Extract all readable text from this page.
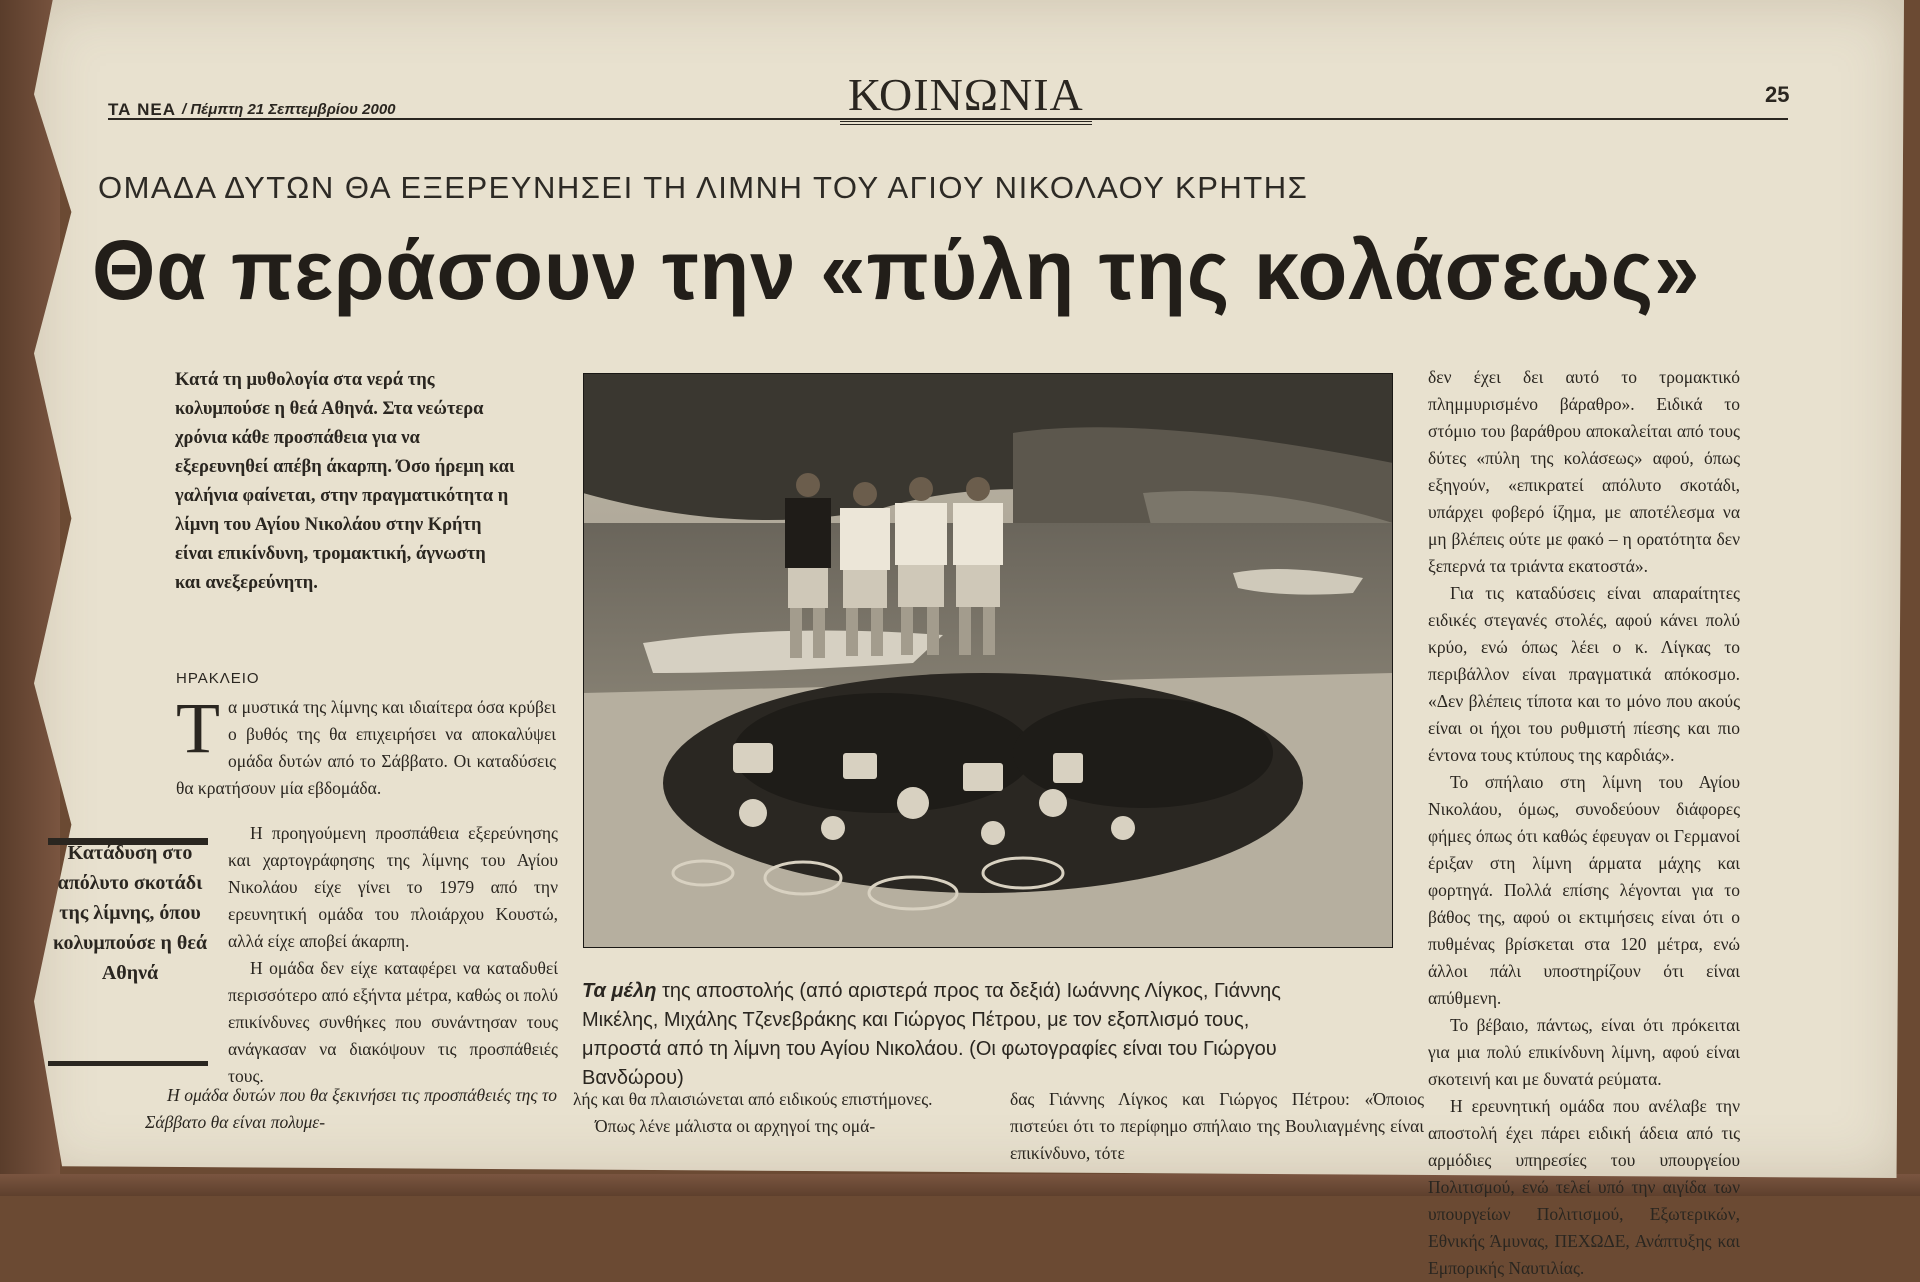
ΤΑ ΝΕΑ / Πέμπτη 21 Σεπτεμβρίου 2000	ΚΟΙΝΩΝΙΑ	25
ΟΜΑΔΑ ΔΥΤΩΝ ΘΑ ΕΞΕΡΕΥΝΗΣΕΙ ΤΗ ΛΙΜΝΗ ΤΟΥ ΑΓΙΟΥ ΝΙΚΟΛΑΟΥ ΚΡΗΤΗΣ
Θα περάσουν την «πύλη της κολάσεως»

Κατά τη μυθολογία στα νερά της κολυμπούσε η θεά Αθηνά. Στα νεώτερα χρόνια κάθε προσπάθεια για να εξερευνηθεί απέβη άκαρπη. Όσο ήρεμη και γαλήνια φαίνεται, στην πραγματικότητα η λίμνη του Αγίου Νικολάου στην Κρήτη είναι επικίνδυνη, τρομακτική, άγνωστη και ανεξερεύνητη.

ΗΡΑΚΛΕΙΟ

Τ α μυστικά της λίμνης και ιδιαίτερα όσα κρύβει ο βυθός της θα επιχειρήσει να αποκαλύψει ομάδα δυτών από το Σάββατο. Οι καταδύσεις θα κρατήσουν μία εβδομάδα.

Η προηγούμενη προσπάθεια εξερεύνησης και χαρτογράφησης της λίμνης του Αγίου Νικολάου είχε γίνει το 1979 από την ερευνητική ομάδα του πλοιάρχου Κουστώ, αλλά είχε αποβεί άκαρπη.

Η ομάδα δεν είχε καταφέρει να καταδυθεί περισσότερο από εξήντα μέτρα, καθώς οι πολύ επικίνδυνες συνθήκες που συνάντησαν τους ανάγκασαν να διακόψουν τις προσπάθειές τους.

Η ομάδα δυτών που θα ξεκινήσει τις προσπάθειές της το Σάββατο θα είναι πολυμε-

Κατάδυση στο απόλυτο σκοτάδι της λίμνης, όπου κολυμπούσε η θεά Αθηνά
Τα μέλη της αποστολής (από αριστερά προς τα δεξιά) Ιωάννης Λίγκος, Γιάννης Μικέλης, Μιχάλης Τζενεβράκης και Γιώργος Πέτρου, με τον εξοπλισμό τους, μπροστά από τη λίμνη του Αγίου Νικολάου. (Οι φωτογραφίες είναι του Γιώργου Βανδώρου)

λής και θα πλαισιώνεται από ειδικούς επιστήμονες.

Όπως λένε μάλιστα οι αρχηγοί της ομά-

δας Γιάννης Λίγκος και Γιώργος Πέτρου: «Όποιος πιστεύει ότι το περίφημο σπήλαιο της Βουλιαγμένης είναι επικίνδυνο, τότε

δεν έχει δει αυτό το τρομακτικό πλημμυρισμένο βάραθρο». Ειδικά το στόμιο του βαράθρου αποκαλείται από τους δύτες «πύλη της κολάσεως» αφού, όπως εξηγούν, «επικρατεί απόλυτο σκοτάδι, υπάρχει φοβερό ίζημα, με αποτέλεσμα να μη βλέπεις ούτε με φακό – η ορατότητα δεν ξεπερνά τα τριάντα εκατοστά».

Για τις καταδύσεις είναι απαραίτητες ειδικές στεγανές στολές, αφού κάνει πολύ κρύο, ενώ όπως λέει ο κ. Λίγκας το περιβάλλον είναι πραγματικά απόκοσμο. «Δεν βλέπεις τίποτα και το μόνο που ακούς είναι οι ήχοι του ρυθμιστή πίεσης και πιο έντονα τους κτύπους της καρδιάς».

Το σπήλαιο στη λίμνη του Αγίου Νικολάου, όμως, συνοδεύουν διάφορες φήμες όπως ότι καθώς έφευγαν οι Γερμανοί έριξαν στη λίμνη άρματα μάχης και φορτηγά. Πολλά επίσης λέγονται για το βάθος της, αφού οι εκτιμήσεις είναι ότι ο πυθμένας βρίσκεται στα 120 μέτρα, ενώ άλλοι πάλι υποστηρίζουν ότι είναι απύθμενη.

Το βέβαιο, πάντως, είναι ότι πρόκειται για μια πολύ επικίνδυνη λίμνη, αφού είναι σκοτεινή και με δυνατά ρεύματα.

Η ερευνητική ομάδα που ανέλαβε την αποστολή έχει πάρει ειδική άδεια από τις αρμόδιες υπηρεσίες του υπουργείου Πολιτισμού, ενώ τελεί υπό την αιγίδα των υπουργείων Πολιτισμού, Εξωτερικών, Εθνικής Άμυνας, ΠΕΧΩΔΕ, Ανάπτυξης και Εμπορικής Ναυτιλίας.
